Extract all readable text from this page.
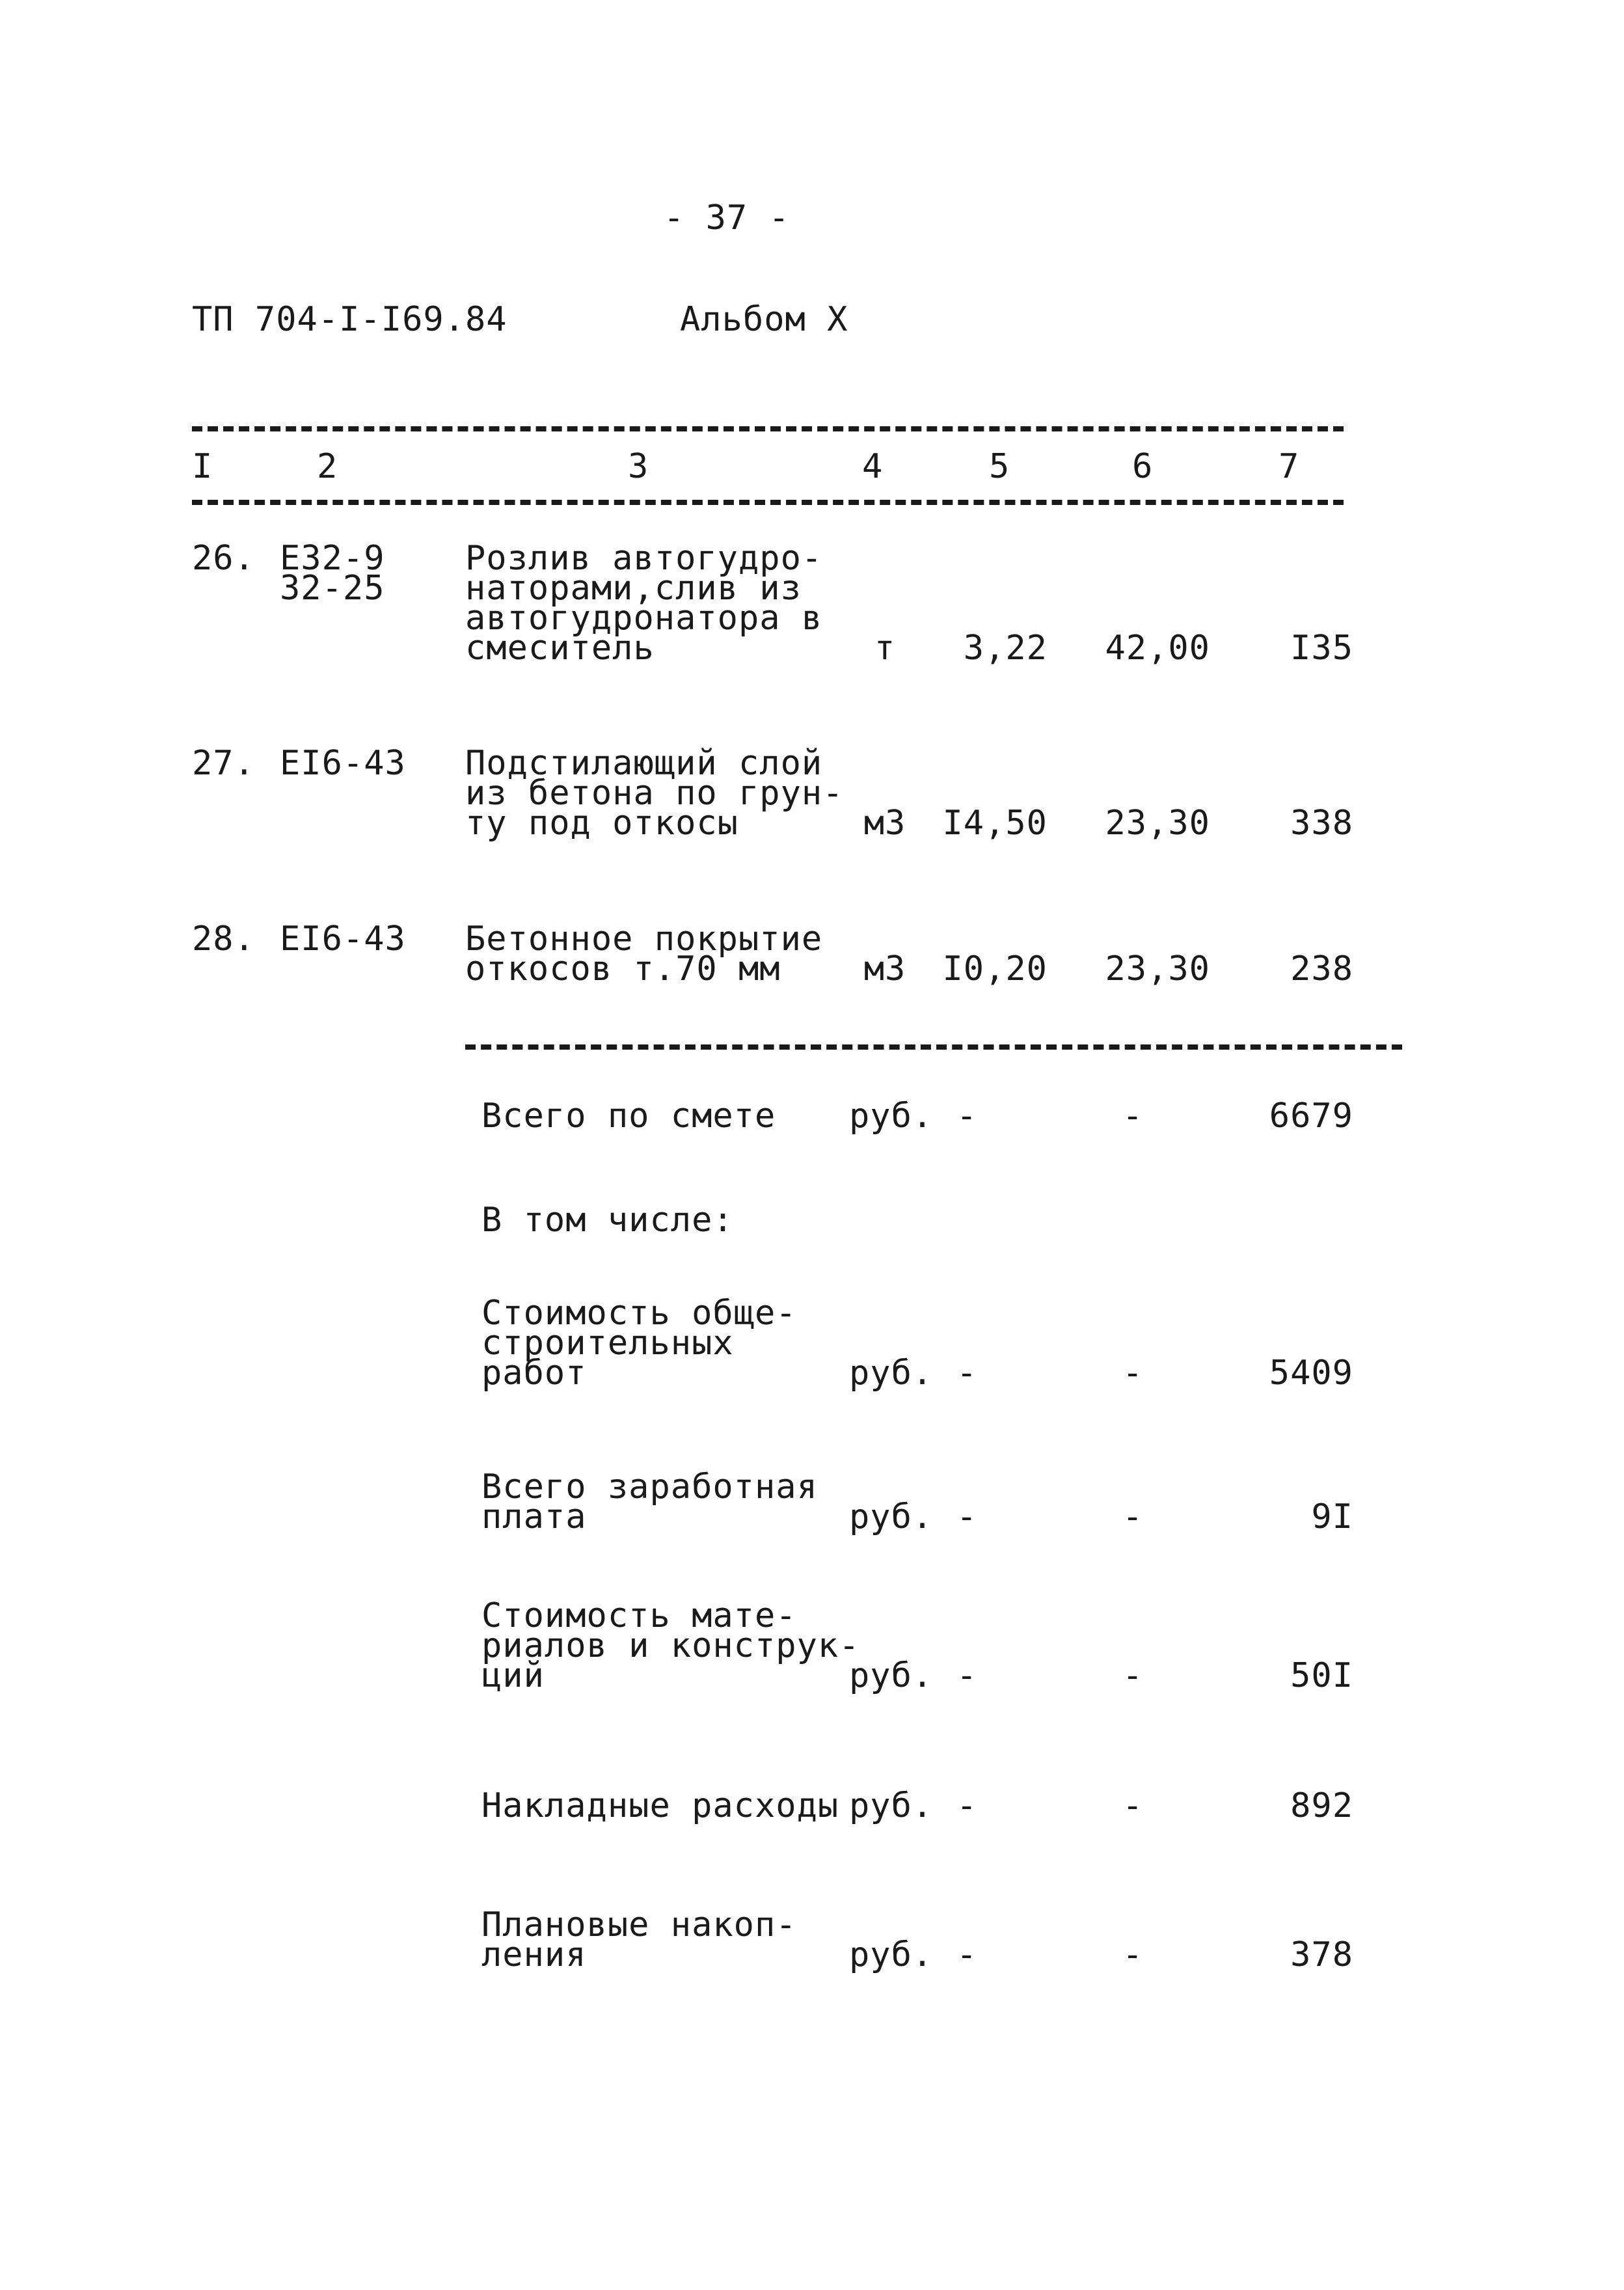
- 37 -
ТП 704-I-I69.84	Альбом X
I	2	3	4	5	6	7
26. Е32-9
32-25
Розлив автогудро-
наторами,слив из
автогудронатора в
смеситель	т	3,22	42,00	I35
27. ЕI6-43 Подстилающий слой
из бетона по грун-
ту под откосы	м3	I4,50	23,30	338
28. ЕI6-43 Бетонное покрытие
откосов т.70 мм	м3	I0,20	23,30	238
Всего по смете руб. -	-	6679
В том числе:
Стоимость обще-
строительных
работ	руб. -	-	5409
Всего заработная
плата	руб. -	-	9I
Стоимость мате-
риалов и конструк-
ций	руб. -	-	50I
Накладные расходы руб. -	-	892
Плановые накоп-
ления	руб. -	-	378
